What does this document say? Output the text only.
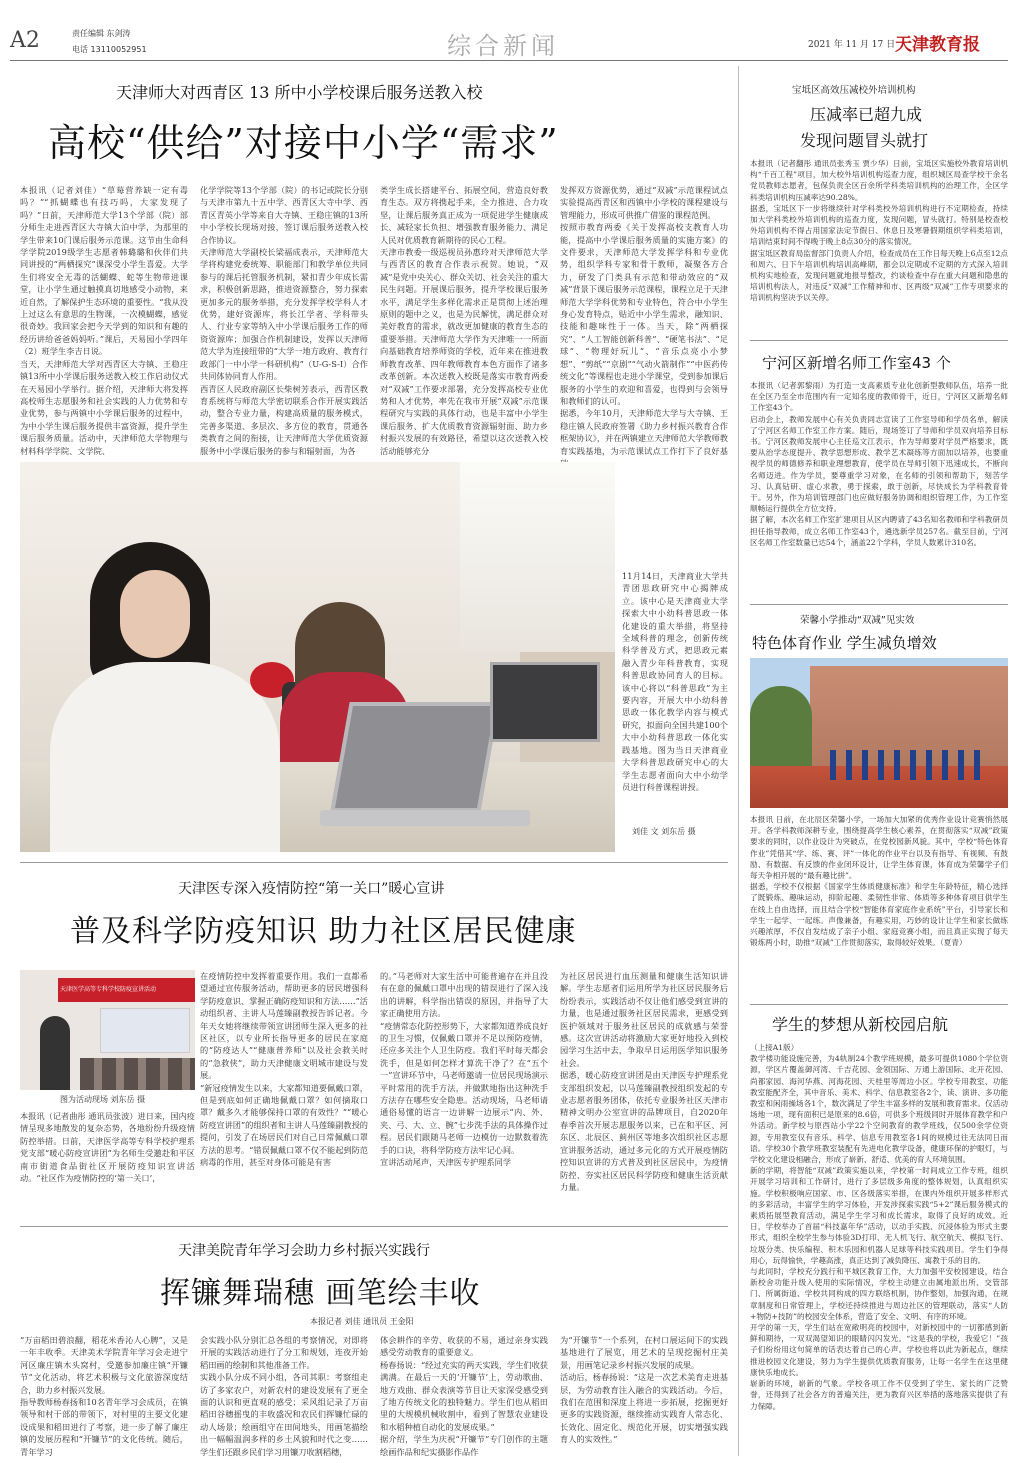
A2	责任编辑 东剑涛
电话 13110052951	综合新闻	2021 年 11 月 17 日 天津教育报
天津师大对西青区 13 所中小学校课后服务送教入校
高校“供给”对接中小学“需求”
本报讯（记者刘佳）“草莓营养缺一定有毒吗？”“抓蝴蝶也有技巧吗，大家发现了吗？”日前，天津师范大学13个学部（院）部分师生走进西青区大寺镇大泊中学，为那里的学生带来10门课后服务示范课。这节由生命科学学院2019级学生志愿者韩璐璐和伙伴们共同讲授的“两栖探究”课深受小学生喜爱。大学生们将安全无毒的活蝴蝶、蛇等生物带进课堂，让小学生通过触摸真切地感受小动物，来近自然，了解保护生态环境的重要性。“我从没上过这么有意思的生物课，一次模蝴蝶，感觉很奇妙。我回家会把今天学到的知识和有趣的经历讲给爸爸妈妈听。”课后，天易园小学四年（2）班学生李吉日说。
当天，天津师范大学对西青区大寺镇、王稳庄镇13所中小学课后服务送教入校工作启动仪式在天易园小学举行。据介绍，天津师大将发挥高校师生志愿服务和社会实践的人力优势和专业优势，参与两镇中小学课后服务的过程中，为中小学生课后服务提供丰富资源，提升学生课后服务质量。活动中，天津师范大学物理与材料科学学院、文学院、
化学学院等13个学部（院）的书记或院长分别与天津市第九十五中学、西青区大寺中学、西青区青英小学等来自大寺镇、王稳庄镇的13所中小学校长现场对接，签订课后服务送教入校合作协议。
天津师范大学副校长梁福成表示，天津师范大学将构建党委统筹、职能部门和教学单位共同参与的课后托管服务机制，紧扣青少年成长需求，积极创新思路，推进资源整合，努力探索更加多元的服务举措，充分发挥学校学科人才优势，建好资源库，将长江学者、学科带头人、行业专家等纳入中小学课后服务工作的师资资源库；加强合作机制建设，发挥以天津师范大学为连接纽带的“大学一地方政府、教育行政部门一中小学一科研机构”（U-G-S-I）合作共同体协同育人作用。
西青区人民政府副区长柴树芳表示，西青区教育系统将与师范大学密切联系合作开展实践活动，整合专业力量，构建高质量的服务模式，完善多渠道、多层次、多方位的教育，贯通各类教育之间的衔接，让天津师范大学优质资源服务中小学课后服务的参与和辐射面，为各
类学生成长搭建平台、拓展空间，营造良好教育生态。双方将携起手来，全力推进、合力攻坚，让课后服务真正成为一项促进学生健康成长、减轻家长负担、增强教育服务能力、满足人民对优质教育新期待的民心工程。
天津市教委一级巡视员孙惠玲对天津师范大学与西青区的教育合作表示祝贺。她说，“双减”是党中央关心、群众关切、社会关注的重大民生问题。开展课后服务，提升学校课后服务水平，满足学生多样化需求正是贯彻上述治理原则的题中之义，也是为民解忧，满足群众对美好教育的需求，就改更加健康的教育生态的重要举措。天津师范大学作为天津唯一一所面向基础教育培养师资的学校，近年来在推进教师教育改革、四年教师教育本色方面作了诸多改革创新。本次送教入校既是落实市教育两委对“双减”工作要求部署，充分发挥高校专业优势和人才优势，率先在我市开展“双减”示范课程研究与实践的具体行动，也是丰富中小学生课后服务、扩大优质教育资源辐射面、助力乡村振兴发展的有效路径，希望以这次送教入校活动能够充分
发挥双方资源优势，通过“双减”示范课程试点实验提高西青区和西镇中小学校的课程建设与管理能力，形成可供推广借鉴的课程范例。
按照市教育两委《关于发挥高校支教育人功能，提高中小学课后服务质量的实施方案》的文件要求，天津师范大学发挥学科和专业优势，组织学科专家和骨干教师，凝聚各方合力，研发了门类具有示范和带动效应的“双减”背景下课后服务示范课程，课程立足于天津师范大学学科优势和专业特色，符合中小学生身心发育特点，贴近中小学生需求，融知识、技能和趣味性于一体。当天，除“两栖探究”、“人工智能创新科普”、“硬笔书法”、“足球”、“物理好玩儿”、“音乐点亮小小梦想”、“剪纸”“京剧”“气动火箭制作”“中医药传统文化”等课程也走进小学课堂，受到参加课后服务的小学生的欢迎和喜爱，也得到与会领导和教师们的认可。
据悉，今年10月，天津师范大学与大寺镇、王稳庄镇人民政府签署《助力乡村振兴教育合作框架协议》，并在两镇建立天津师范大学教师教育实践基地，为示范课试点工作打下了良好基
11月14日，天津商业大学共青团思政研究中心揭牌成立。该中心是天津商业大学探索大中小幼科普思政一体化建设的重大举措，将坚持全域科普的理念，创新传统科学普及方式，把思政元素融入青少年科普教育，实现科普思政协同育人的目标。该中心将以“科普思政”为主要内容，开展大中小幼科普思政一体化教学内容与模式研究，拟面向全国共建100个大中小幼科普思政一体化实践基地。图为当日天津商业大学科普思政研究中心的大学生志愿者面向大中小幼学员进行科普课程讲授。
刘佳 文 刘东岳 摄
宝坻区高效压减校外培训机构
压减率已超九成
发现问题冒头就打
本报讯（记者翻彤 通讯员张秀玉 贾少华）日前，宝坻区实施校外教育培训机构“千百工程”项目，加大校外培训机构巡查力度，组织城区局查学校干余名党员教师志愿者，包保负责全区百余所学科类培训机构的治理工作，全区学科类培训机构压减率达90.28%。
据悉，宝坻区下一步将继续针对学科类校外培训机构进行不定期检查，持续加大学科类校外培训机构的巡查力度，发现问题，冒头就打。特别是校查校外培训机构不得占用国家法定节假日、休息日及寒暑假期组织学科类培训，培训结束时间不得晚于晚上8点30分的落实情况。
据宝坻区教育局监督部门负责人介绍，检查成员在工作日每天晚上6点至12点和周六、日下午培训机构培训高峰期，都会以定期或不定期的方式深入培训机构实地检查，发现问题就地报导整改，约谈检查中存在重大问题和隐患的培训机构法人，对违反“双减”工作精神和市、区两级“双减”工作专项要求的培训机构坚决予以关停。
宁河区新增名师工作室43 个
本报讯（记者郭黎雨）为打造一支高素质专业化创新型教师队伍，培养一批在全区乃至全市范围内有一定知名度的教师骨干，近日，宁河区又新增名师工作室43个。
启动会上，教师发展中心有关负责同志宣读了工作室导师和学员名单，解读了宁河区名师工作室工作方案。随后，现场签订了导师和学员双向培养目标书。宁河区教师发展中心主任巡文江表示，作为导师要对学员严格要求，既要从治学态度提升、教学思想形成、教学艺术凝练等方面加以培养，也要重视学员的师德修养和职业理想教育，使学员在导师引领下迅速成长，不断向名师迈进。作为学员，要尊重学习对象，在名师的引领和帮助下，刻苦学习、认真钻研、虚心求教，勇于探索，敢于创新，尽快成长为学科教育骨干。另外，作为培训管理部门也应做好服务协调和组织管理工作，为工作室顺畅运行提供全方位支持。
据了解，本次名师工作室扩建项目从区内聘请了43名知名教师和学科教研员担任指导教师，成立名师工作室43个，遴选新学员257名。截至目前，宁河区名师工作室数量已达54个，涵盖22个学科，学员人数累计310名。
荣馨小学推动“双减”见实效
特色体育作业 学生减负增效
本报讯 日前，在北辰区荣馨小学，一场加大加紧的优秀作业设计竞赛悄然展开。各学科教师深耕专业，围绕提高学生核心素养，在贯彻落实“双减”政策要求的同时，以作业设计为突破点，在党校园新风貌。其中，学校“特色体育作业”凭借其“学、练、赛、评”一体化的作业平台以及有指导、有视频、有鼓励、有数据、有反馈的作业闭环设计，让学生体育课，体育成为荣馨学子们每天争相开展的“最有趣比拼”。
据悉，学校不仅根据《国家学生体质健康标准》和学生年龄特征，精心选择了既锻炼、趣味运动，抑阶起趣、柔韧性非常、体质等多种体育项目供学生在线上自由选择，而且结合学校“智能体育家庭作业系统”平台，引导家长和学生一起学、一起练。声像兼备，有趣实用，巧妙的设计让学生和家长做练兴趣浓厚，不仅自发结成了亲子小组、家庭竞赛小组，而且真正实现了每天锻炼两小时，助推“双减”工作贯彻落实，取得较好效果。（夏青）
学生的梦想从新校园启航
（上接A1版）
教学楼功能设施完善，为4轨制24个教学班规模，最多可提供1080个学位资源，学区片覆盖御河湾、千吉花园、金领国际、万通上游国际、北开花园、尚都家园、海河华燕、河海花园、天桂里等周边小区。学校专用教室、功能教室能配齐全，其中音乐、美术、科学、信息教室各2个，读、演讲、多功能教室和闲雨操场各1个，数次满足了学生丰富多样的发展和教育需求。仅活动场地一项，现有面积已是原来的8.6倍，可供多个班级同时开展体育教学和户外活动。新学校与原西站小学22个空间教育的教学班线，仅500余学位资源，专用教室仅有音乐、科学、信息专用教室各1间的规模过往无法同日而语。学校30个教学班教室装配有先进电化教学设备，健康环保的护眼灯，与学校文化建设相融合，形成了崭新、舒适、优美的育人环境氛围。
新的学期，将智能“双减”政策实施以来，学校第一时间成立工作专班，组织开展学习培训和工作研讨，进行了多层级多角度的整体规划，认真组织实施。学校积极响应国家、市、区各级落实举措，在课内外组织开展多样形式的多彩活动，丰富学生的学习体验，开发涉探索实践“5+2”课后服务模式的素质拓展型教育活动，满足学生学习和成长需求，取得了良好的成效。近日，学校举办了首届“科技嘉年华”活动，以动手实践、沉浸体验为形式主要形式，组织全校学生参与体验3D打印、无人机飞行、航空航天、模拟飞行、垃圾分类、快乐编程、积木乐园和机器人足球等科技实践项目。学生们争得用心，玩得愉快，学趣高涨，真正达到了减负降压、寓教于乐的目的。
与此同时，学校充分践行和平城区教育工作，大力加强平安校园建设，结合新校舍功能升级入使用的实际情况，学校主动建立由属地派出所、交管部门、所属街道、学校共同构成的四方联络机制，协作整划，加强沟通，在规章制度和日常管理上，学校还持续推进与周边社区的管理联动，落实“人防+物防+技防”的校园安全体系，营造了安全、文明、有序的环境。
开学的第一天，学生们站在宽敞明亮的校园中，对新校园中的一切都感到新鲜和期待，一双双渴望知识的眼睛闪闪发光。“这是我的学校，我爱它！”孩子们纷纷用这句简单的话表达着自己的心声。学校也将以此为新起点，继续推进校园文化建设，努力为学生提供优质教育服务，让每一名学生在这里健康快乐地成长。
崭新的环境，崭新的气象。学校各项工作不仅受到了学生、家长的广泛赞誉，还得到了社会各方的普遍关注，更为教育兴区举措的落地落实提供了有力保障。
天津医专深入疫情防控“第一关口”暖心宣讲
普及科学防疫知识 助力社区居民健康
天津医学高等专科学校防疫宣讲活动
图为活动现场 刘东岳 摄
本报讯（记者曲彤 通讯员张波）进日来，国内疫情呈现多地散发的复杂态势，各地纷纷升级疫情防控举措。日前，天津医学高等专科学校护理系党支部“暖心防疫宣讲团”为名师生受邀赴和平区南市街道食品街社区开展防疫知识宣讲活动。“社区作为疫情防控的‘第一关口’，
在疫情防控中发挥着重要作用。我们一直都希望通过宣传服务活动，帮助更多的居民增强科学防疫意识、掌握正确防疫知识和方法……”活动组织者、主讲人马莲臻副教授告诉记者。今年天女她将继续带领宣讲团师生深入更多的社区社区，以专业所长指导更多的居民在家庭的“防疫达人”“健康普养师”以及社会救关时的“急救侠”，助力天津健康文明城市建设与发展。
“新冠疫情发生以来，大家都知道要佩戴口罩，但是到底如何正确地佩戴口罩？如何摘取口罩？戴多久才能够保持口罩的有效性？”“暖心防疫宣讲团”的组织者和主讲人马莲臻副教授的提问，引发了在场居民们对自己日常佩戴口罩方法的思考。“错误佩戴口罩不仅不能起到防范病毒的作用，甚至对身体可能是有害
的。”马老师对大家生活中可能普遍存在并且没有在意的佩戴口罩中出现的错误进行了深入浅出的讲解，科学指出错误的原因，并指导了大家正确使用方法。
“疫情常态化防控形势下，大家都知道养成良好的卫生习惯，仅佩戴口罩并不足以预防疫情，还应多关注个人卫生防疫。我们平时每天都会洗手，但是如何怎样才算洗干净了？在“五个一”宣讲环节中，马老师邀请一位居民现场演示平时常用的洗手方法，并做默地指出这种洗手方法存在哪些安全隐患。活动现场，马老师请通俗易懂的语言一边讲解一边展示“内、外、夹、弓、大、立、腕”七步洗手法的具体操作过程。居民们跟随马老师一边模仿一边默数着洗手的口诀，将科学防疫方法牢记心间。
宣讲活动尾声，天津医专护理系同学
为社区居民进行血压测量和健康生活知识讲解。学生志愿者们运用所学为社区居民服务后纷纷表示，实践活动不仅让他们感受到宣讲的力量，也是通过服务社区居民需求，更感受到医护领域对于服务社区居民的成就感与荣誉感。这次宣讲活动将激励大家更好地投入到校园学习生活中去，争取早日运用医学知识服务社会。
据悉，暖心防疫宣讲团是由天津医专护理系党支部组织发起，以马莲臻副教授组织发起的专业志愿者服务团体，依托专业服务社区天津市精神文明办公室宣讲的品牌项目，自2020年春季首次开展志愿服务以来，已在和平区、河东区、北辰区、蓟州区等地多次组织社区志愿宣讲服务活动，通过多元化的方式开展疫情防控知识宣讲的方式普及到社区居民中，为疫情防控、夯实社区居民科学防疫和健康生活贡献力量。
天津美院青年学习会助力乡村振兴实践行
挥镰舞瑞穗 画笔绘丰收
本报记者 刘佳 通讯员 王金阳
“万亩稻田碧浪翻，稻花米香沁人心脾”，又是一年丰收季。天津美术学院青年学习会走进宁河区廉庄镇木头窝村，受邀参加廉庄镇“开镰节”文化活动，将艺术积极与文化旅游深度结合，助力乡村振兴发展。
指导教师杨春扬和10名青年学习会成员，在镇领导和村干部的带领下，对村里的主要文化建设成果和稻田进行了考察，进一步了解了廉庄镇的发展历程和“开镰节”的文化传统。随后，青年学习
会实践小队分别汇总各组的考察情况，对即将开展的实践活动进行了分工和规划，连夜开始稻田画的绘制和其他准备工作。
实践小队分成不同小组，各司其职：考察组走访了多家农户，对新农村的建设发展有了更全面的认识和更直观的感受；采风组记录了万亩稻田谷穗摇曳的丰收盛况和农民们挥镰忙碌的动人场景；绘画组守在田间地头，用画笔描绘出一幅幅温润多样的乡土风貌和时代之变……学生们还跟乡民们学习用镰刀收割稻穗，
体会耕作的辛劳、收获的不易，通过亲身实践感受劳动教育的重要意义。
杨春扬说：“经过充实的两天实践，学生们收获满满。在最后一天的‘开镰节’上，劳动歌曲、地方戏曲、群众表演等节目让天家深受感受到了地方传统文化的独特魅力。学生们也从稻田里的大规模机械收割中，看到了智慧农业建设和水稻种植自动化的发展成果。”
据介绍，学生为庆祝“开镰节”专门创作的主题绘画作品和纪实摄影作品作
为“开镰节”一个系列，在村口展运间下的实践基地进行了展览，用艺术的呈现挖掘村庄美景，用画笔记录乡村振兴发展的成果。
活动后，杨春扬说：“这是一次艺术美育走进基层，为劳动教育注入融合的实践活动。今后，我们在范围和深度上将进一步拓展，挖掘更好更多的实践资源，继续推动实践育人常态化、长效化、固定化、规范化开展，切实增强实践育人的实效性。”
